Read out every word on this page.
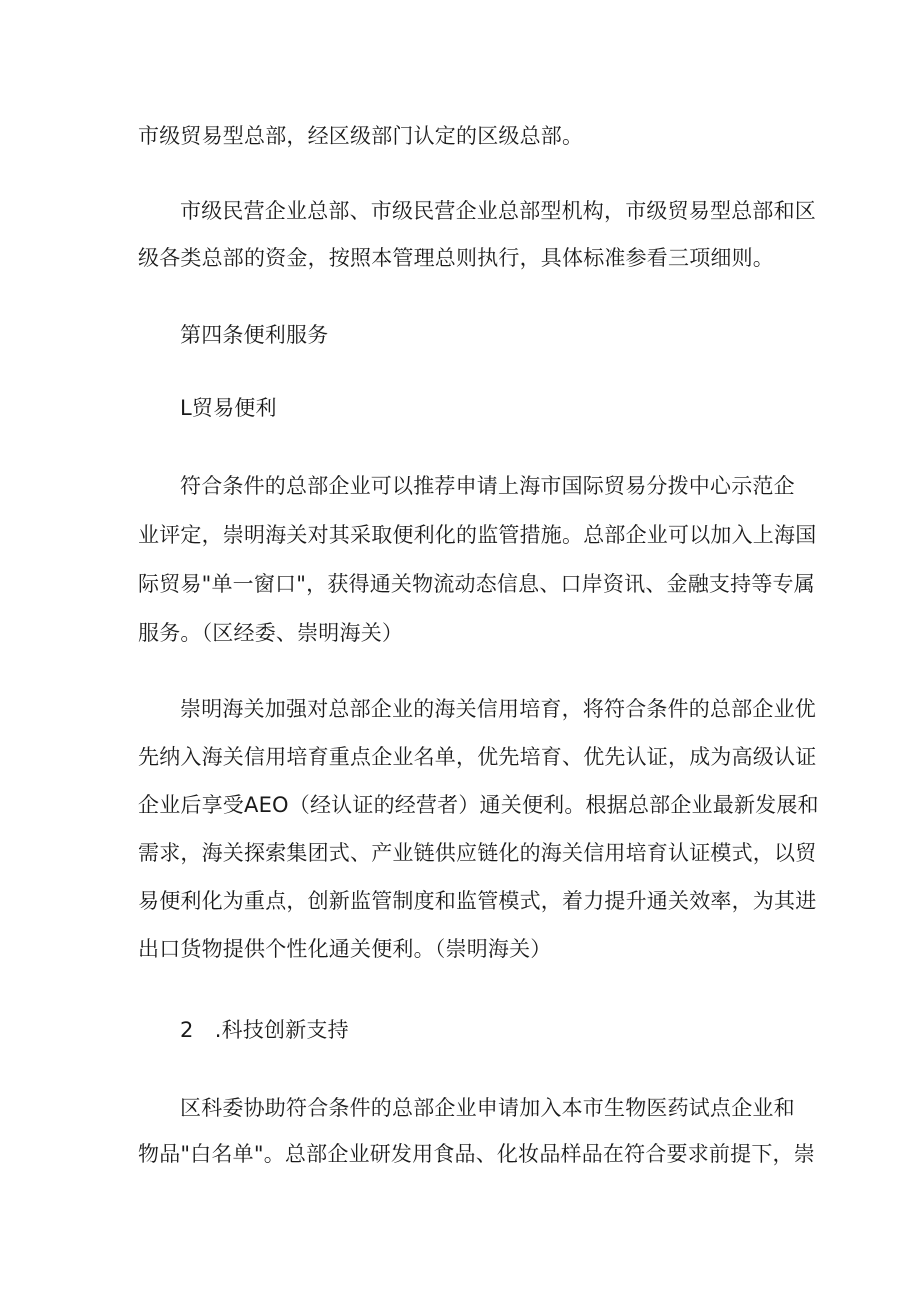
市级贸易型总部，经区级部门认定的区级总部。
市级民营企业总部、市级民营企业总部型机构，市级贸易型总部和区
级各类总部的资金，按照本管理总则执行，具体标准参看三项细则。
第四条便利服务
L贸易便利
符合条件的总部企业可以推荐申请上海市国际贸易分拨中心示范企
业评定，崇明海关对其采取便利化的监管措施。总部企业可以加入上海国
际贸易"单一窗口"，获得通关物流动态信息、口岸资讯、金融支持等专属
服务。（区经委、崇明海关）
崇明海关加强对总部企业的海关信用培育，将符合条件的总部企业优
先纳入海关信用培育重点企业名单，优先培育、优先认证，成为高级认证
企业后享受AEO（经认证的经营者）通关便利。根据总部企业最新发展和
需求，海关探索集团式、产业链供应链化的海关信用培育认证模式，以贸
易便利化为重点，创新监管制度和监管模式，着力提升通关效率，为其进
出口货物提供个性化通关便利。（崇明海关）
2　.科技创新支持
区科委协助符合条件的总部企业申请加入本市生物医药试点企业和
物品"白名单"。总部企业研发用食品、化妆品样品在符合要求前提下，崇
